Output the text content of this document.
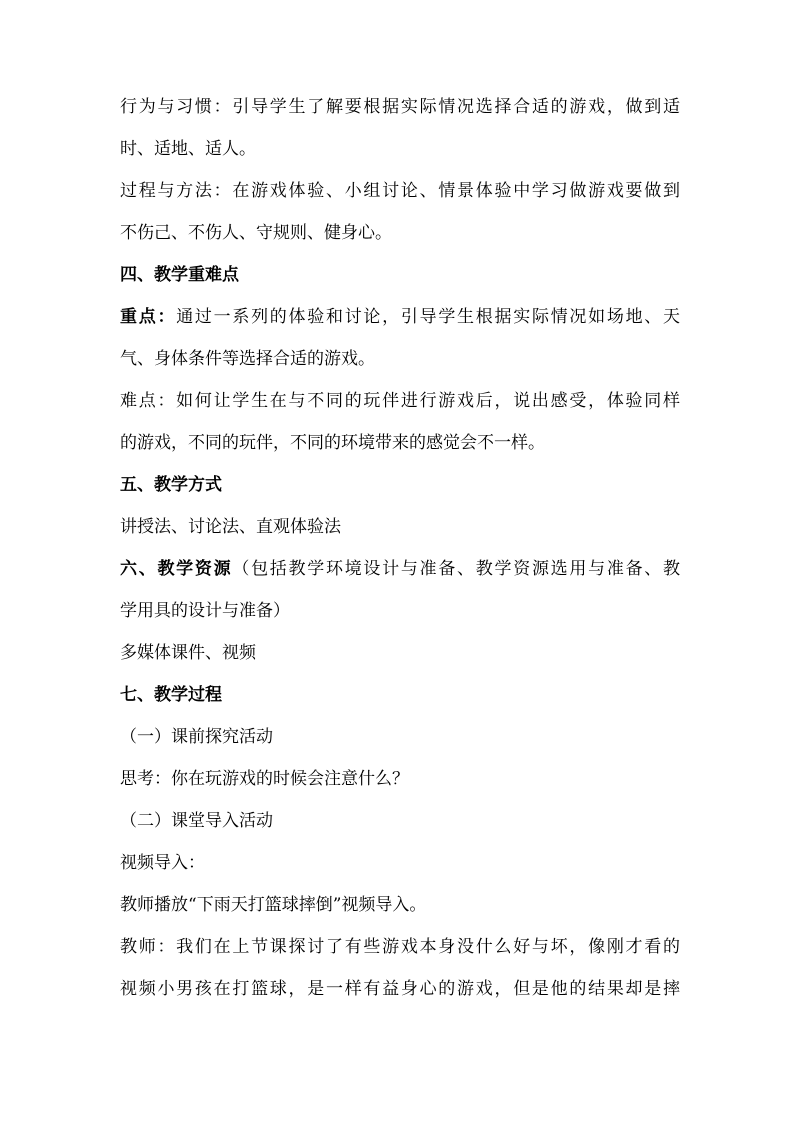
行为与习惯：引导学生了解要根据实际情况选择合适的游戏，做到适

时、适地、适人。

过程与方法：在游戏体验、小组讨论、情景体验中学习做游戏要做到

不伤己、不伤人、守规则、健身心。

四、教学重难点

重点：通过一系列的体验和讨论，引导学生根据实际情况如场地、天

气、身体条件等选择合适的游戏。

难点：如何让学生在与不同的玩伴进行游戏后，说出感受，体验同样

的游戏，不同的玩伴，不同的环境带来的感觉会不一样。

五、教学方式

讲授法、讨论法、直观体验法

六、教学资源（包括教学环境设计与准备、教学资源选用与准备、教

学用具的设计与准备）

多媒体课件、视频

七、教学过程

（一）课前探究活动

思考：你在玩游戏的时候会注意什么？

（二）课堂导入活动

视频导入：

教师播放“下雨天打篮球摔倒”视频导入。

教师：我们在上节课探讨了有些游戏本身没什么好与坏，像刚才看的

视频小男孩在打篮球，是一样有益身心的游戏，但是他的结果却是摔
